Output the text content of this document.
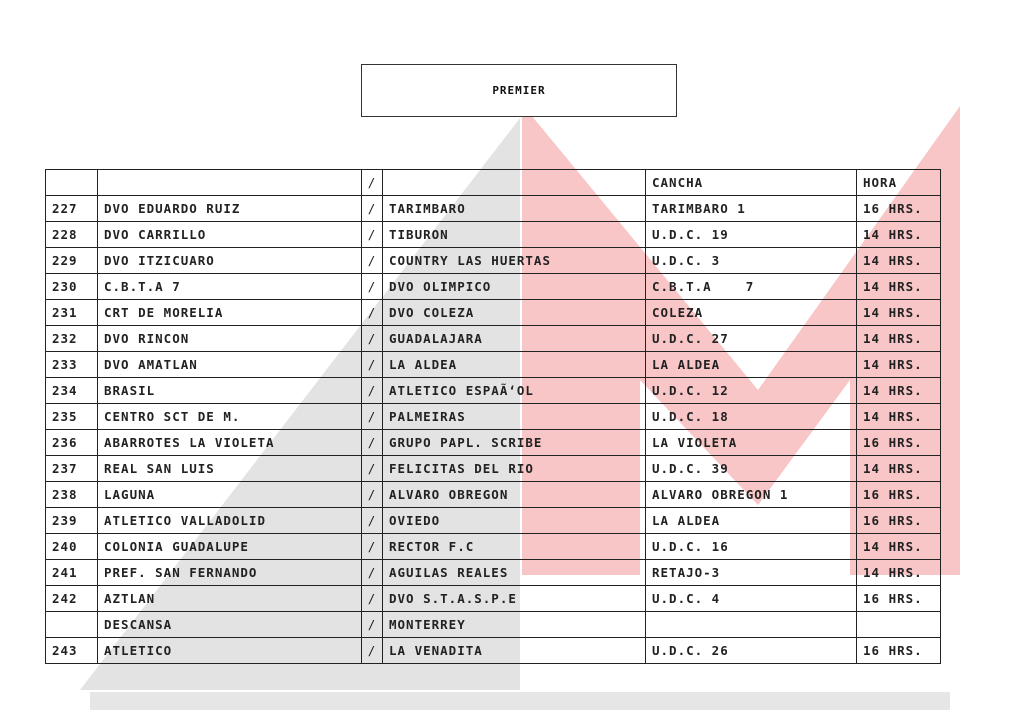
PREMIER
		/		CANCHA	HORA
227	DVO EDUARDO RUIZ	/	TARIMBARO	TARIMBARO 1	16 HRS.
228	DVO CARRILLO	/	TIBURON	U.D.C. 19	14 HRS.
229	DVO ITZICUARO	/	COUNTRY LAS HUERTAS	U.D.C. 3	14 HRS.
230	C.B.T.A 7	/	DVO OLIMPICO	C.B.T.A    7	14 HRS.
231	CRT DE MORELIA	/	DVO COLEZA	COLEZA	14 HRS.
232	DVO RINCON	/	GUADALAJARA	U.D.C. 27	14 HRS.
233	DVO AMATLAN	/	LA ALDEA	LA ALDEA	14 HRS.
234	BRASIL	/	ATLETICO ESPAÃ‘OL	U.D.C. 12	14 HRS.
235	CENTRO SCT DE M.	/	PALMEIRAS	U.D.C. 18	14 HRS.
236	ABARROTES LA VIOLETA	/	GRUPO PAPL. SCRIBE	LA VIOLETA	16 HRS.
237	REAL SAN LUIS	/	FELICITAS DEL RIO	U.D.C. 39	14 HRS.
238	LAGUNA	/	ALVARO OBREGON	ALVARO OBREGON 1	16 HRS.
239	ATLETICO VALLADOLID	/	OVIEDO	LA ALDEA	16 HRS.
240	COLONIA GUADALUPE	/	RECTOR F.C	U.D.C. 16	14 HRS.
241	PREF. SAN FERNANDO	/	AGUILAS REALES	RETAJO-3	14 HRS.
242	AZTLAN	/	DVO S.T.A.S.P.E	U.D.C. 4	16 HRS.
	DESCANSA	/	MONTERREY		
243	ATLETICO	/	LA VENADITA	U.D.C. 26	16 HRS.
